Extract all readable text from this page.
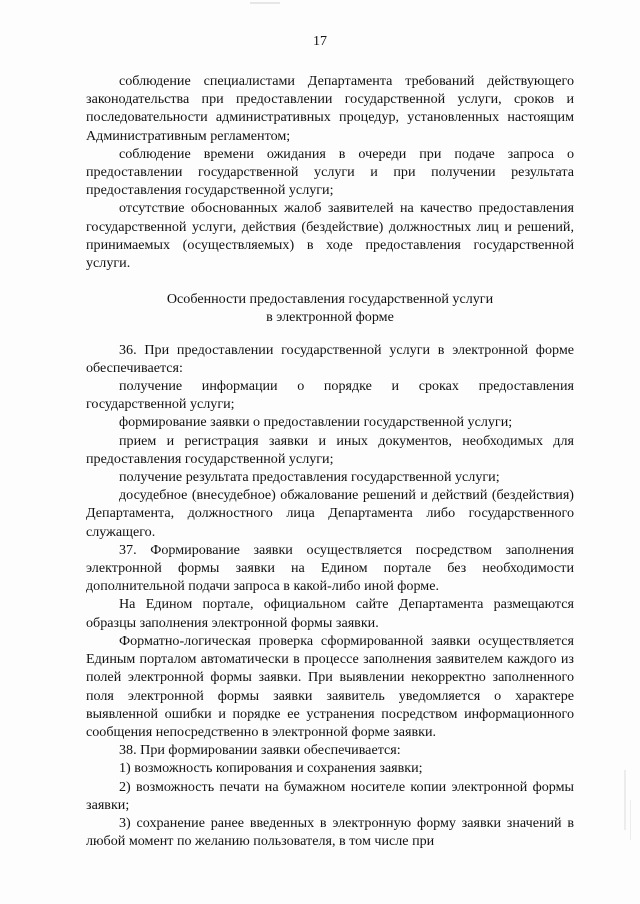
17

соблюдение специалистами Департамента требований действующего законодательства при предоставлении государственной услуги, сроков и последовательности административных процедур, установленных настоящим Административным регламентом;

соблюдение времени ожидания в очереди при подаче запроса о предоставлении государственной услуги и при получении результата предоставления государственной услуги;

отсутствие обоснованных жалоб заявителей на качество предоставления государственной услуги, действия (бездействие) должностных лиц и решений, принимаемых (осуществляемых) в ходе предоставления государственной услуги.

Особенности предоставления государственной услуги

в электронной форме

36. При предоставлении государственной услуги в электронной форме обеспечивается:

получение информации о порядке и сроках предоставления государственной услуги;

формирование заявки о предоставлении государственной услуги;

прием и регистрация заявки и иных документов, необходимых для предоставления государственной услуги;

получение результата предоставления государственной услуги;

досудебное (внесудебное) обжалование решений и действий (бездействия) Департамента, должностного лица Департамента либо государственного служащего.

37. Формирование заявки осуществляется посредством заполнения электронной формы заявки на Едином портале без необходимости дополнительной подачи запроса в какой-либо иной форме.

На Едином портале, официальном сайте Департамента размещаются образцы заполнения электронной формы заявки.

Форматно-логическая проверка сформированной заявки осуществляется Единым порталом автоматически в процессе заполнения заявителем каждого из полей электронной формы заявки. При выявлении некорректно заполненного поля электронной формы заявки заявитель уведомляется о характере выявленной ошибки и порядке ее устранения посредством информационного сообщения непосредственно в электронной форме заявки.

38. При формировании заявки обеспечивается:

1) возможность копирования и сохранения заявки;

2) возможность печати на бумажном носителе копии электронной формы заявки;

3) сохранение ранее введенных в электронную форму заявки значений в любой момент по желанию пользователя, в том числе при
